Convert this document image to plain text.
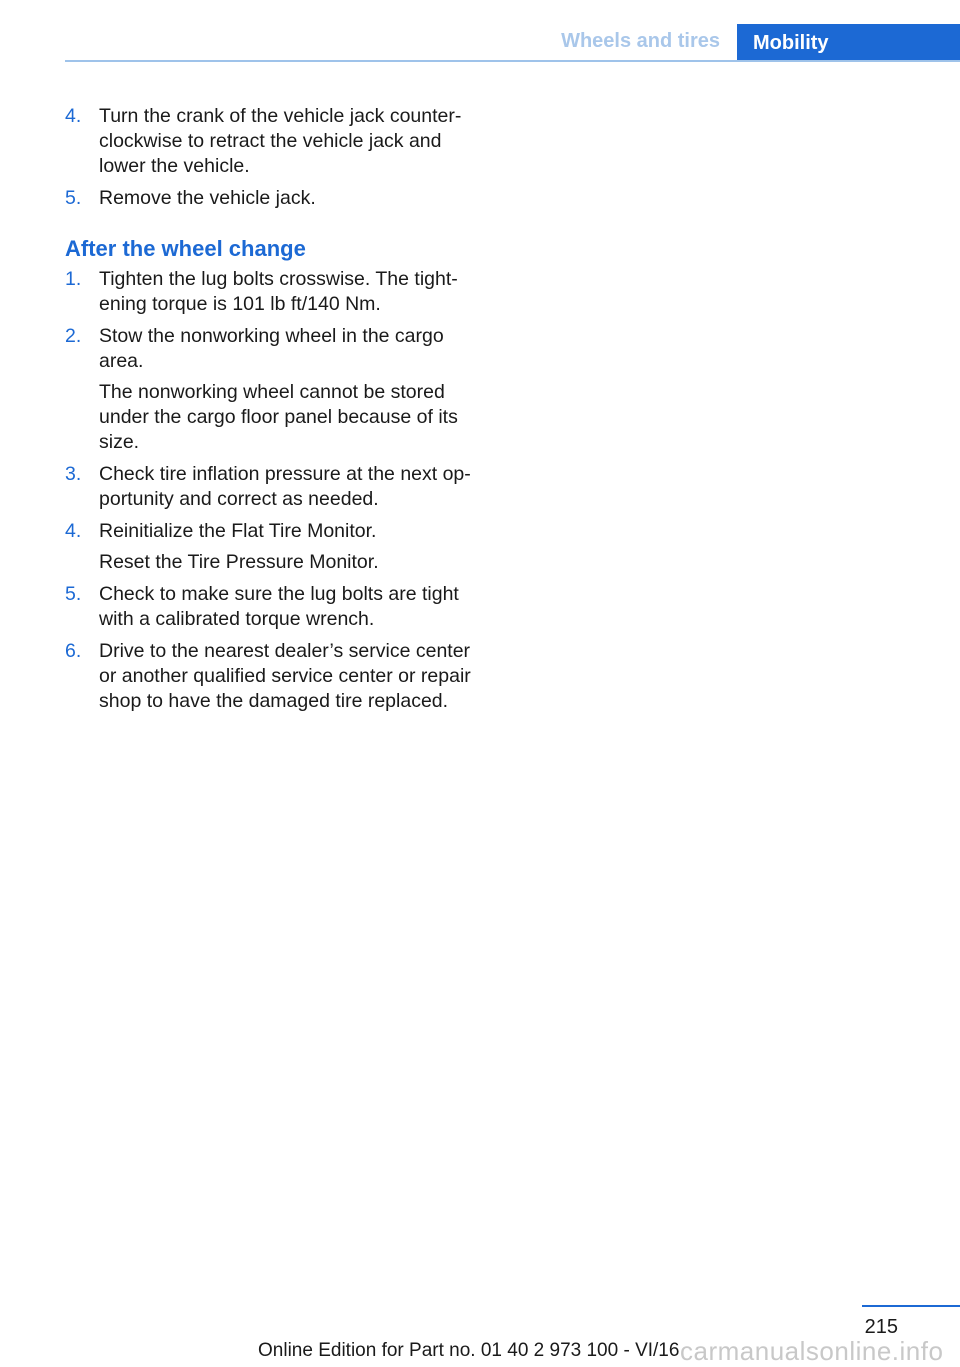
Wheels and tires	Mobility
4. Turn the crank of the vehicle jack counter‐clockwise to retract the vehicle jack and lower the vehicle.
5. Remove the vehicle jack.
After the wheel change
1. Tighten the lug bolts crosswise. The tight‐ening torque is 101 lb ft/140 Nm.
2. Stow the nonworking wheel in the cargo area.
The nonworking wheel cannot be stored under the cargo floor panel because of its size.
3. Check tire inflation pressure at the next op‐portunity and correct as needed.
4. Reinitialize the Flat Tire Monitor.
Reset the Tire Pressure Monitor.
5. Check to make sure the lug bolts are tight with a calibrated torque wrench.
6. Drive to the nearest dealer’s service center or another qualified service center or repair shop to have the damaged tire replaced.
215
Online Edition for Part no. 01 40 2 973 100 - VI/16 carmanualsonline.info
